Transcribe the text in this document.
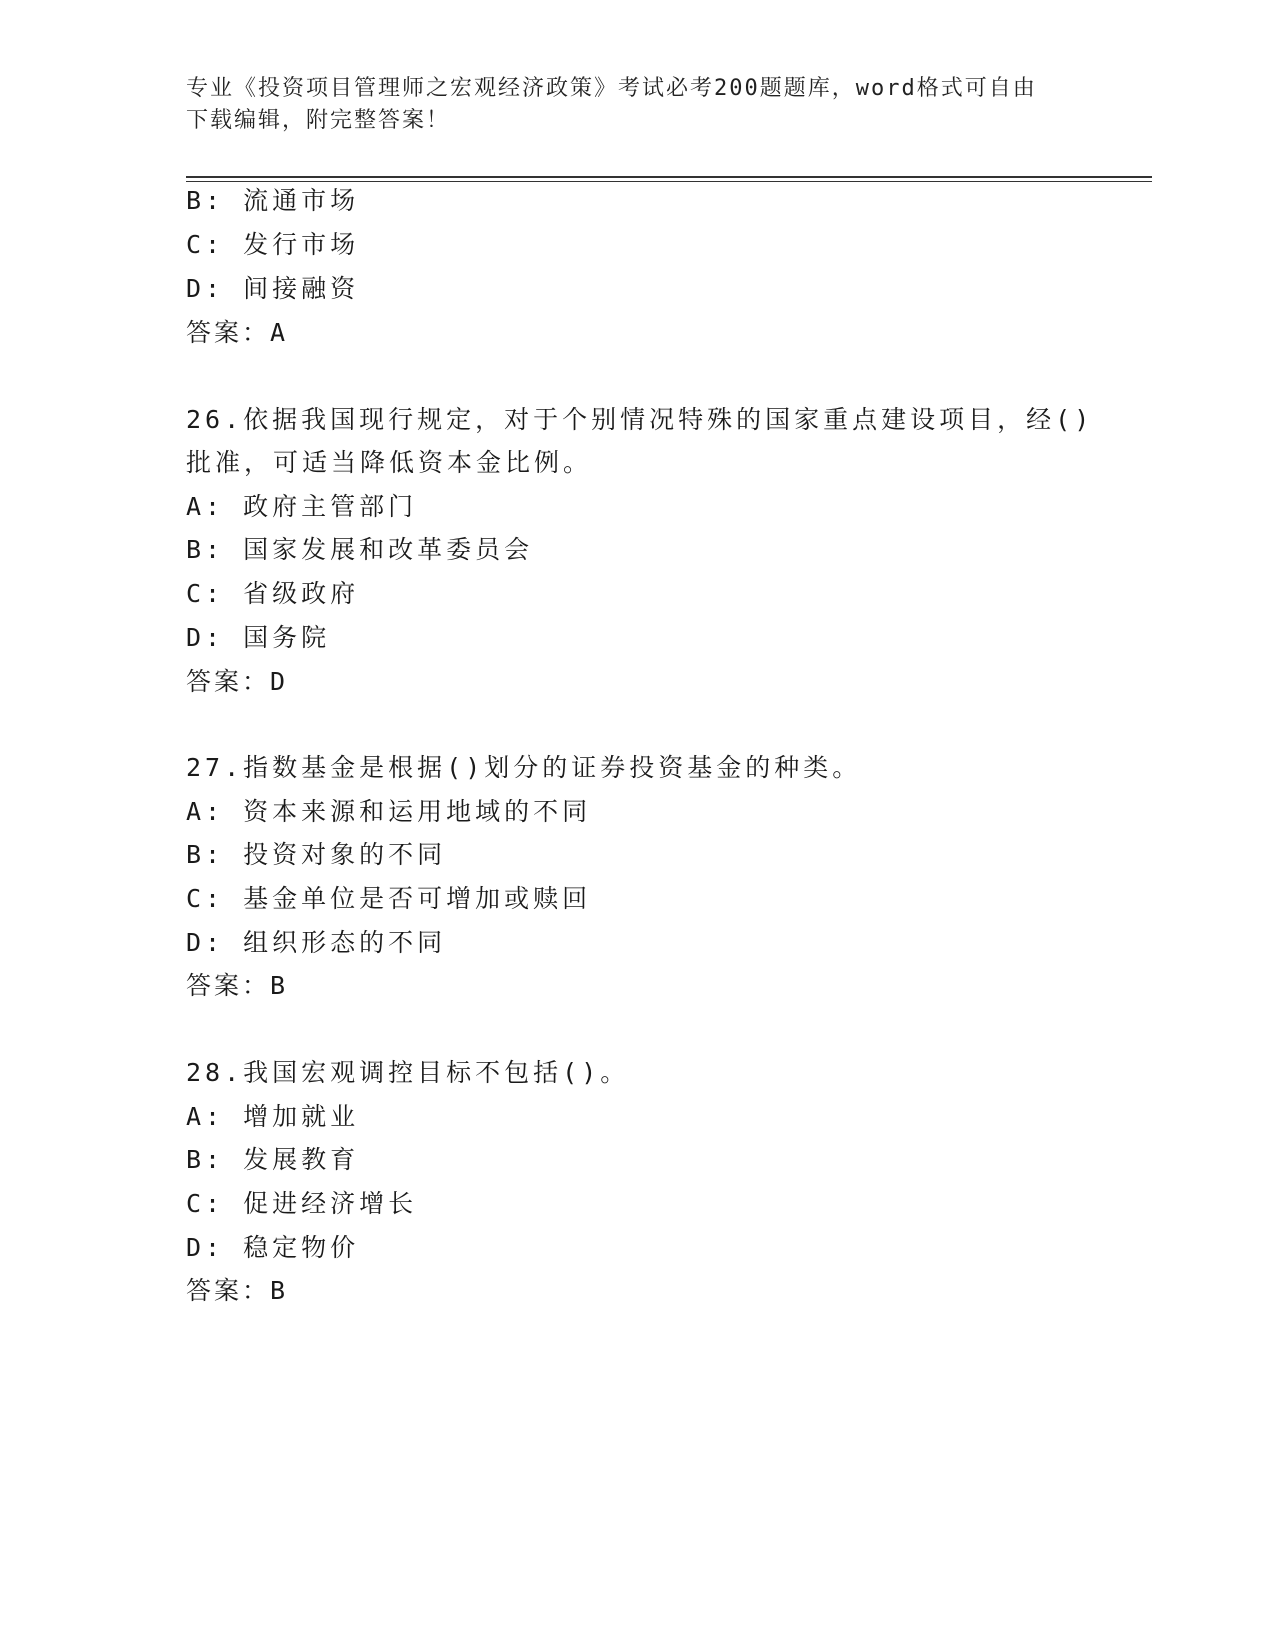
专业《投资项目管理师之宏观经济政策》考试必考200题题库，word格式可自由
下载编辑，附完整答案！
B: 流通市场
C: 发行市场
D: 间接融资
答案：A
26.依据我国现行规定，对于个别情况特殊的国家重点建设项目，经()
批准，可适当降低资本金比例。
A: 政府主管部门
B: 国家发展和改革委员会
C: 省级政府
D: 国务院
答案：D
27.指数基金是根据()划分的证券投资基金的种类。
A: 资本来源和运用地域的不同
B: 投资对象的不同
C: 基金单位是否可增加或赎回
D: 组织形态的不同
答案：B
28.我国宏观调控目标不包括()。
A: 增加就业
B: 发展教育
C: 促进经济增长
D: 稳定物价
答案：B
